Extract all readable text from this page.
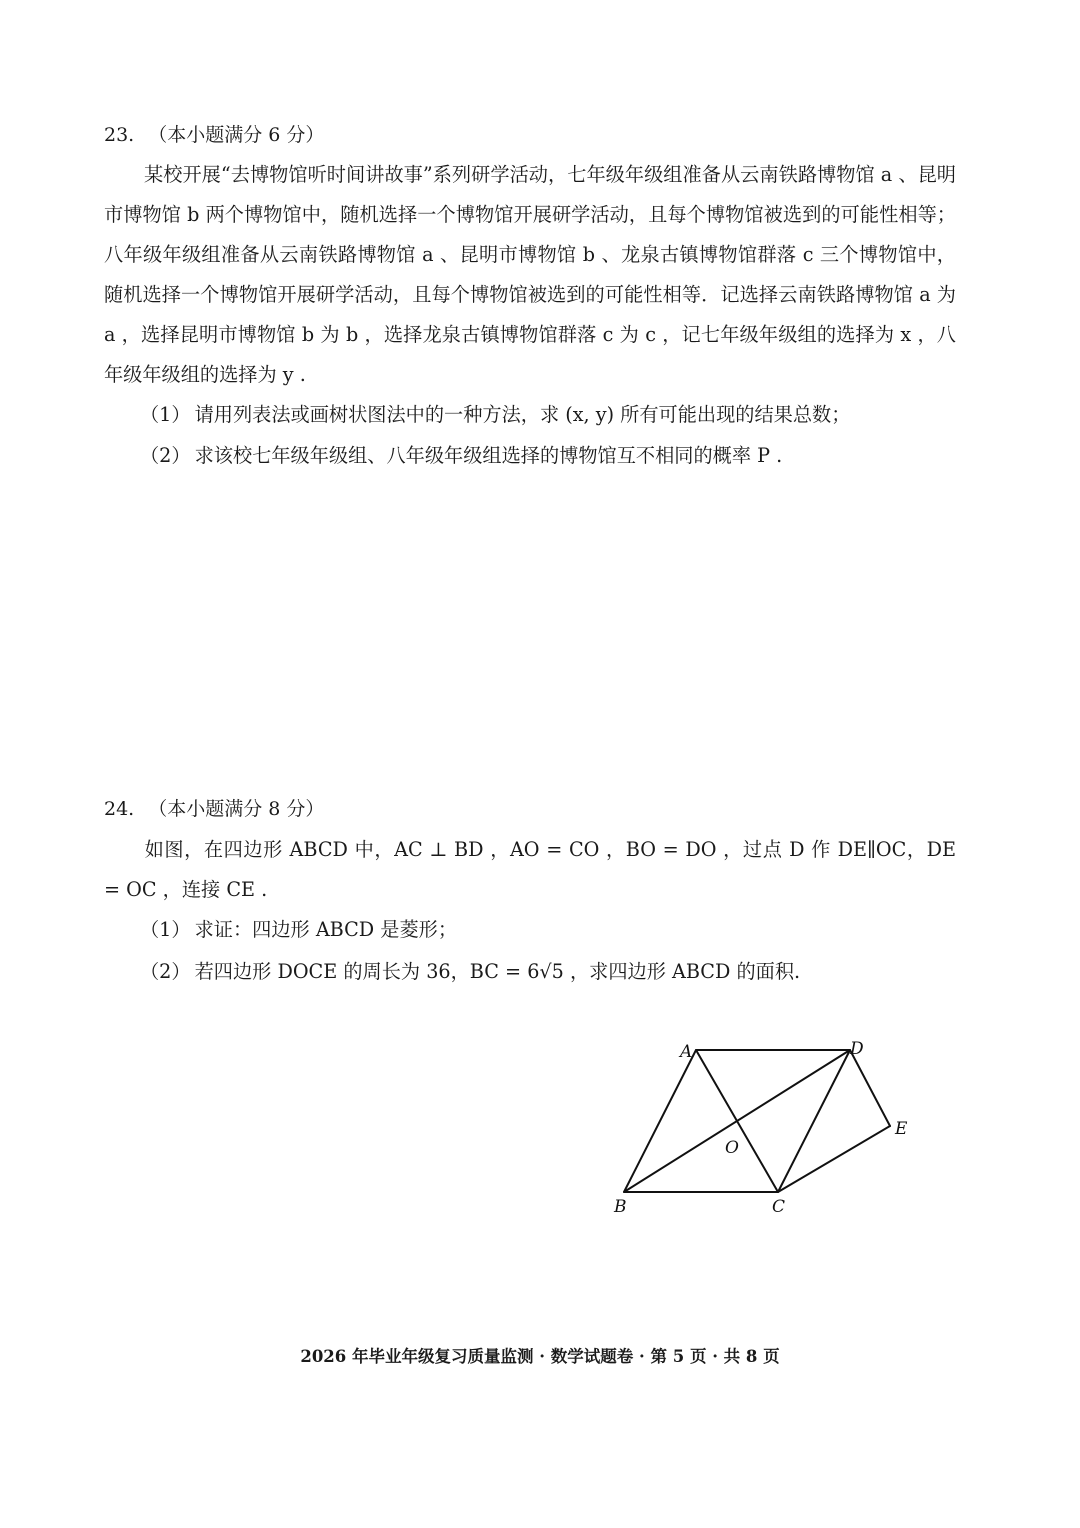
23. （本小题满分 6 分）
某校开展“去博物馆听时间讲故事”系列研学活动，七年级年级组准备从云南铁路博物馆 a 、昆明市博物馆 b 两个博物馆中，随机选择一个博物馆开展研学活动，且每个博物馆被选到的可能性相等；八年级年级组准备从云南铁路博物馆 a 、昆明市博物馆 b 、龙泉古镇博物馆群落 c 三个博物馆中，随机选择一个博物馆开展研学活动，且每个博物馆被选到的可能性相等．记选择云南铁路博物馆 a 为 a ，选择昆明市博物馆 b 为 b ，选择龙泉古镇博物馆群落 c 为 c ，记七年级年级组的选择为 x ，八年级年级组的选择为 y .
（1） 请用列表法或画树状图法中的一种方法，求 (x, y) 所有可能出现的结果总数；
（2） 求该校七年级年级组、八年级年级组选择的博物馆互不相同的概率 P .
24. （本小题满分 8 分）
如图，在四边形 ABCD 中，AC ⊥ BD ，AO = CO ，BO = DO ，过点 D 作 DE∥OC，DE = OC ，连接 CE .
（1） 求证：四边形 ABCD 是菱形；
（2） 若四边形 DOCE 的周长为 36，BC = 6√5 ，求四边形 ABCD 的面积.
A	D
E
O
B	C
2026 年毕业年级复习质量监测 · 数学试题卷 · 第 5 页 · 共 8 页
